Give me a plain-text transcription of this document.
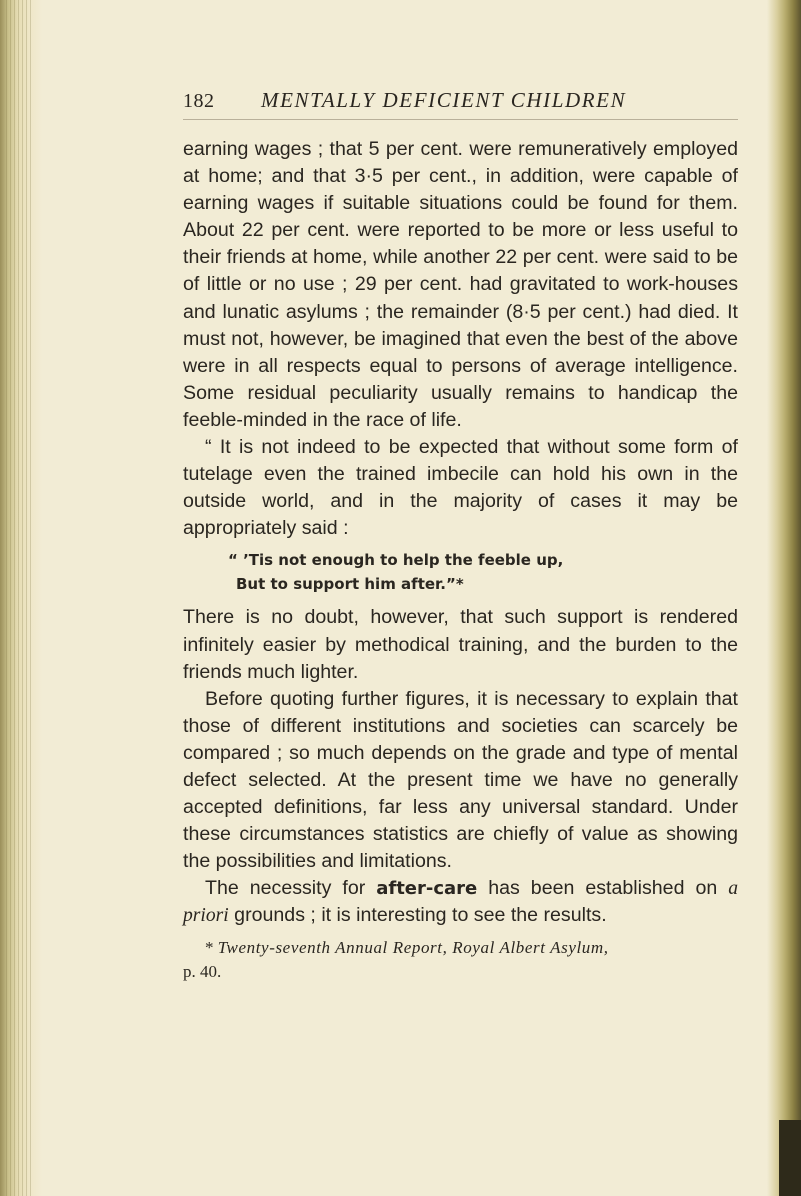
182	MENTALLY DEFICIENT CHILDREN

earning wages ; that 5 per cent. were remuneratively employed at home; and that 3·5 per cent., in addition, were capable of earning wages if suitable situations could be found for them. About 22 per cent. were reported to be more or less useful to their friends at home, while another 22 per cent. were said to be of little or no use ; 29 per cent. had gravitated to work-houses and lunatic asylums ; the remainder (8·5 per cent.) had died. It must not, however, be imagined that even the best of the above were in all respects equal to persons of average intelligence. Some residual peculiarity usually remains to handicap the feeble-minded in the race of life.

“ It is not indeed to be expected that without some form of tutelage even the trained imbecile can hold his own in the outside world, and in the majority of cases it may be appropriately said :

“ ’Tis not enough to help the feeble up,
But to support him after.”*

There is no doubt, however, that such support is rendered infinitely easier by methodical training, and the burden to the friends much lighter.

Before quoting further figures, it is necessary to explain that those of different institutions and societies can scarcely be compared ; so much depends on the grade and type of mental defect selected. At the present time we have no generally accepted definitions, far less any universal standard. Under these circumstances statistics are chiefly of value as showing the possibilities and limitations.

The necessity for after-care has been established on a priori grounds ; it is interesting to see the results.

* Twenty-seventh Annual Report, Royal Albert Asylum,
p. 40.
